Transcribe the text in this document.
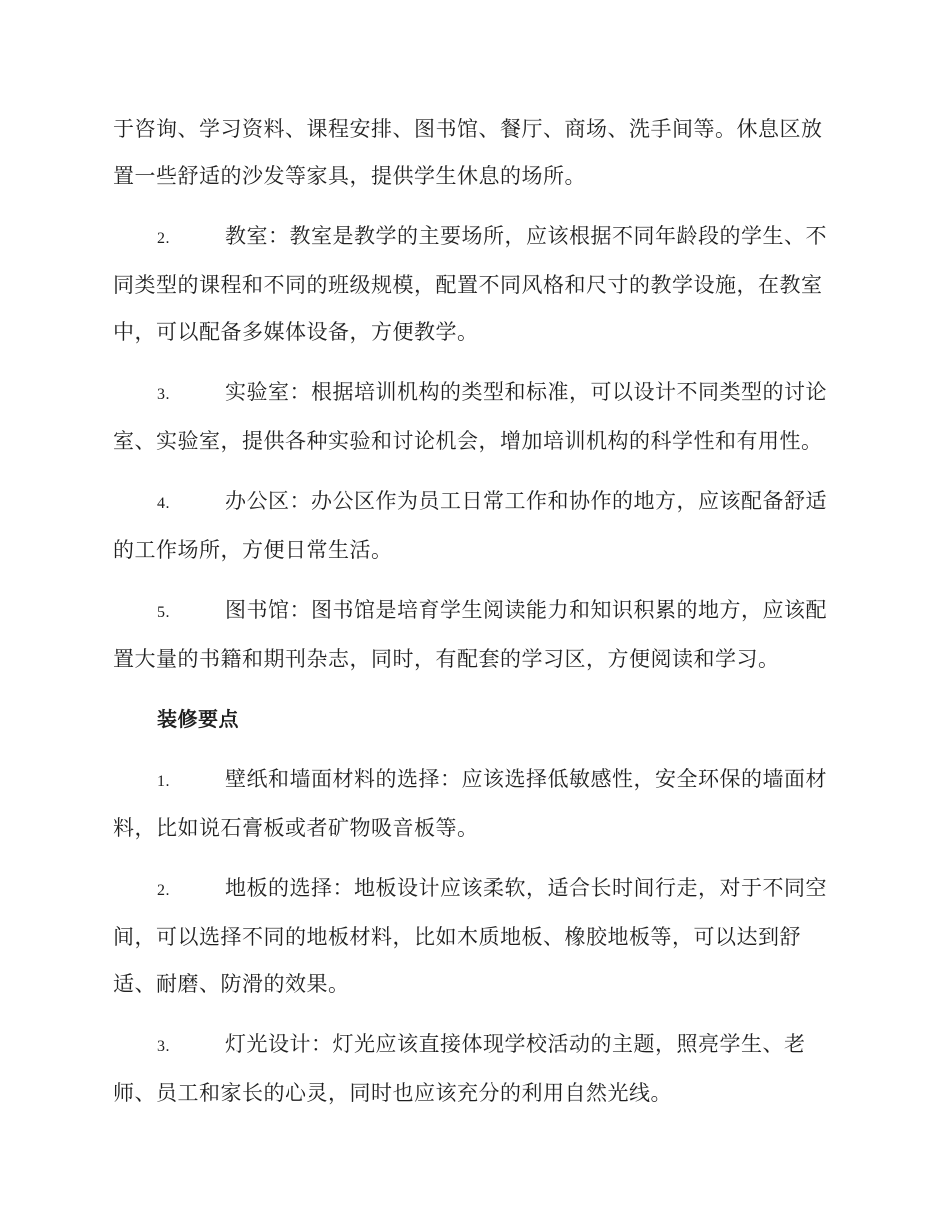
于咨询、学习资料、课程安排、图书馆、餐厅、商场、洗手间等。休息区放置一些舒适的沙发等家具，提供学生休息的场所。

2.	教室：教室是教学的主要场所，应该根据不同年龄段的学生、不同类型的课程和不同的班级规模，配置不同风格和尺寸的教学设施，在教室中，可以配备多媒体设备，方便教学。

3.	实验室：根据培训机构的类型和标准，可以设计不同类型的讨论室、实验室，提供各种实验和讨论机会，增加培训机构的科学性和有用性。

4.	办公区：办公区作为员工日常工作和协作的地方，应该配备舒适的工作场所，方便日常生活。

5.	图书馆：图书馆是培育学生阅读能力和知识积累的地方，应该配置大量的书籍和期刊杂志，同时，有配套的学习区，方便阅读和学习。

装修要点

1.	壁纸和墙面材料的选择：应该选择低敏感性，安全环保的墙面材料，比如说石膏板或者矿物吸音板等。

2.	地板的选择：地板设计应该柔软，适合长时间行走，对于不同空间，可以选择不同的地板材料，比如木质地板、橡胶地板等，可以达到舒适、耐磨、防滑的效果。

3.	灯光设计：灯光应该直接体现学校活动的主题，照亮学生、老师、员工和家长的心灵，同时也应该充分的利用自然光线。
